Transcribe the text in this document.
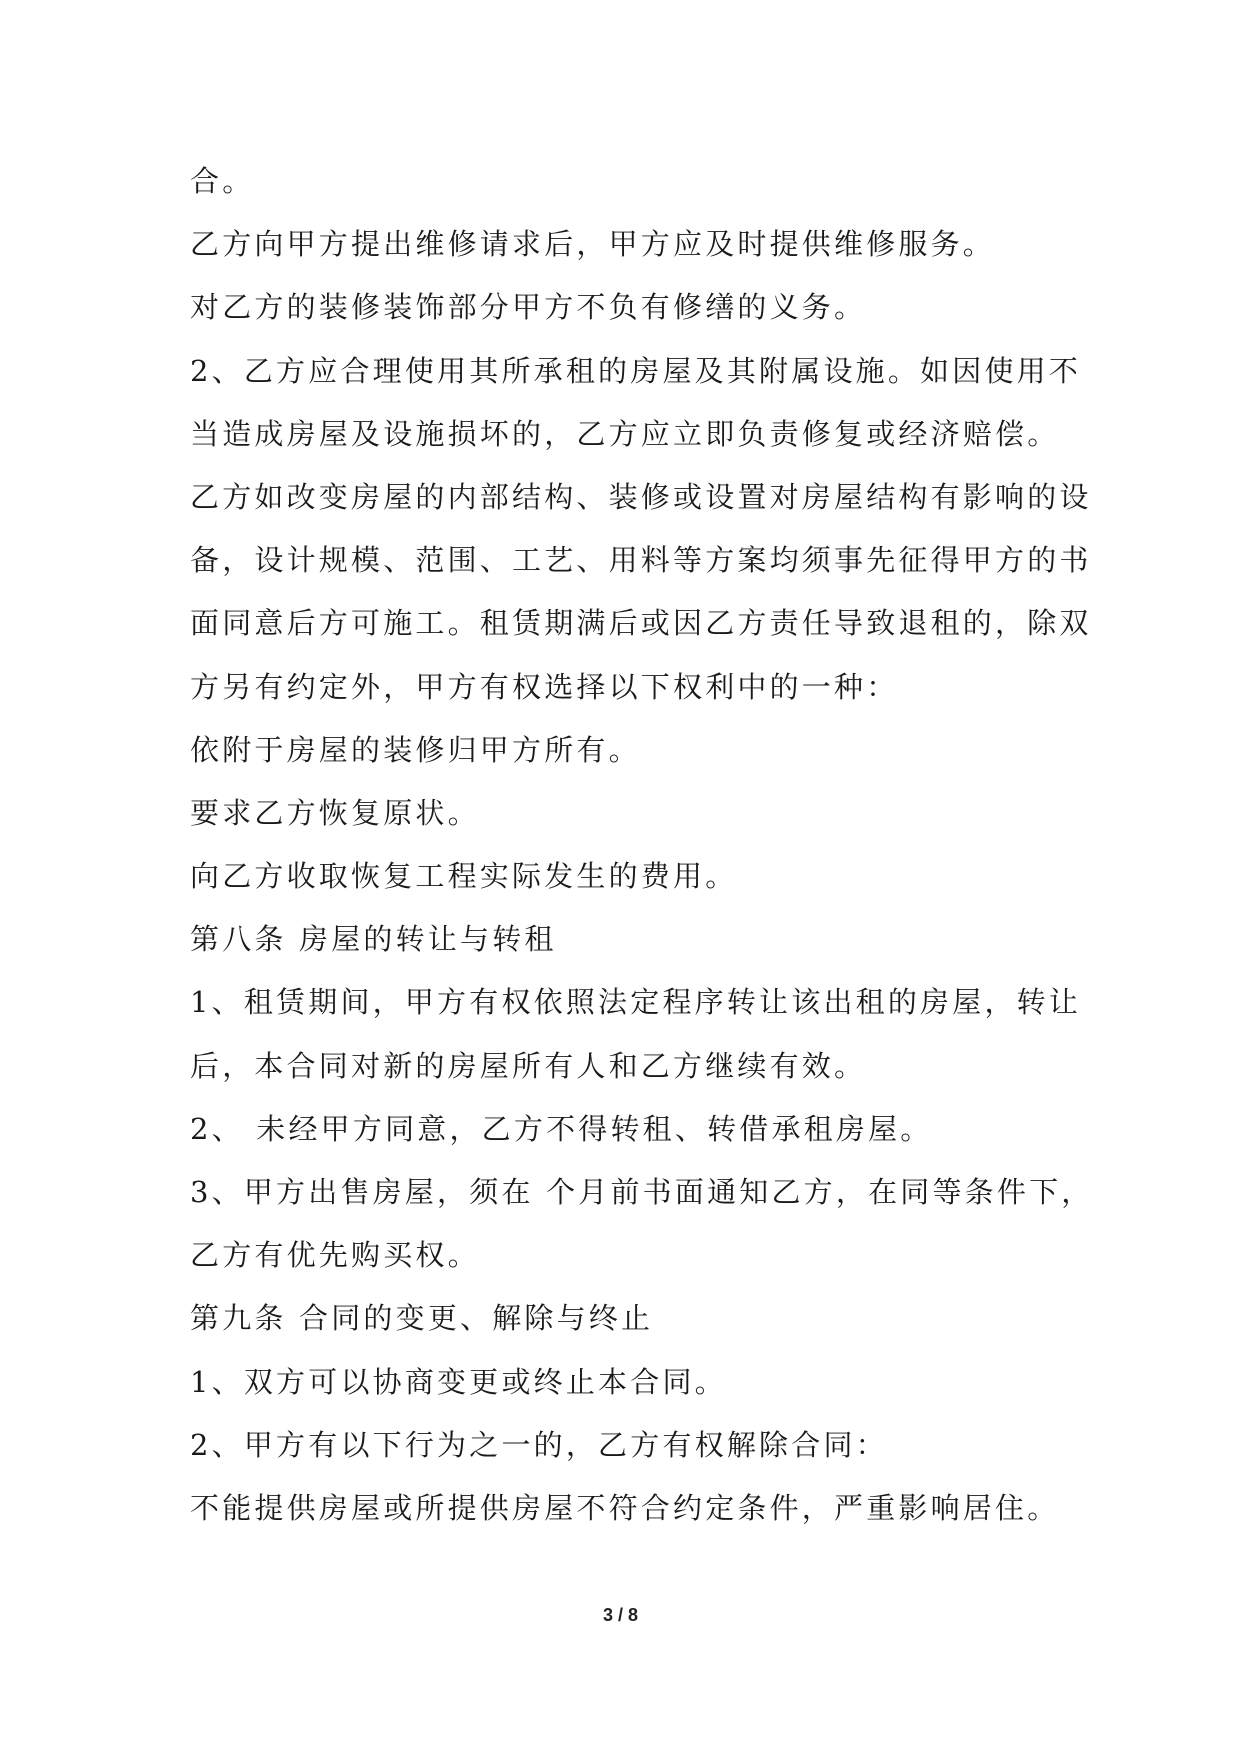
合。
乙方向甲方提出维修请求后，甲方应及时提供维修服务。
对乙方的装修装饰部分甲方不负有修缮的义务。
2、乙方应合理使用其所承租的房屋及其附属设施。如因使用不
当造成房屋及设施损坏的，乙方应立即负责修复或经济赔偿。
乙方如改变房屋的内部结构、装修或设置对房屋结构有影响的设
备，设计规模、范围、工艺、用料等方案均须事先征得甲方的书
面同意后方可施工。租赁期满后或因乙方责任导致退租的，除双
方另有约定外，甲方有权选择以下权利中的一种：
依附于房屋的装修归甲方所有。
要求乙方恢复原状。
向乙方收取恢复工程实际发生的费用。
第八条 房屋的转让与转租
1、租赁期间，甲方有权依照法定程序转让该出租的房屋，转让
后，本合同对新的房屋所有人和乙方继续有效。
2、 未经甲方同意，乙方不得转租、转借承租房屋。
3、甲方出售房屋，须在 个月前书面通知乙方，在同等条件下，
乙方有优先购买权。
第九条 合同的变更、解除与终止
1、双方可以协商变更或终止本合同。
2、甲方有以下行为之一的，乙方有权解除合同：
不能提供房屋或所提供房屋不符合约定条件，严重影响居住。
3 / 8
